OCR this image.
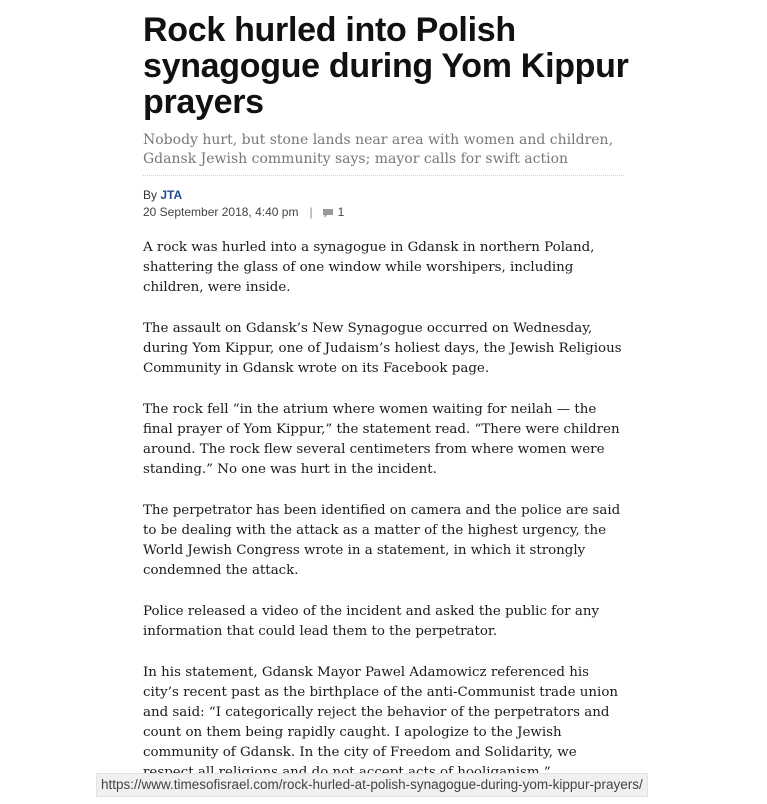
Rock hurled into Polish synagogue during Yom Kippur prayers
Nobody hurt, but stone lands near area with women and children, Gdansk Jewish community says; mayor calls for swift action
By JTA
20 September 2018, 4:40 pm | 1

A rock was hurled into a synagogue in Gdansk in northern Poland, shattering the glass of one window while worshipers, including children, were inside.

The assault on Gdansk’s New Synagogue occurred on Wednesday, during Yom Kippur, one of Judaism’s holiest days, the Jewish Religious Community in Gdansk wrote on its Facebook page.

The rock fell “in the atrium where women waiting for neilah — the final prayer of Yom Kippur,” the statement read. “There were children around. The rock flew several centimeters from where women were standing.” No one was hurt in the incident.

The perpetrator has been identified on camera and the police are said to be dealing with the attack as a matter of the highest urgency, the World Jewish Congress wrote in a statement, in which it strongly condemned the attack.

Police released a video of the incident and asked the public for any information that could lead them to the perpetrator.

In his statement, Gdansk Mayor Pawel Adamowicz referenced his city’s recent past as the birthplace of the anti-Communist trade union and said: “I categorically reject the behavior of the perpetrators and count on them being rapidly caught. I apologize to the Jewish community of Gdansk. In the city of Freedom and Solidarity, we

https://www.timesofisrael.com/rock-hurled-at-polish-synagogue-during-yom-kippur-prayers/
